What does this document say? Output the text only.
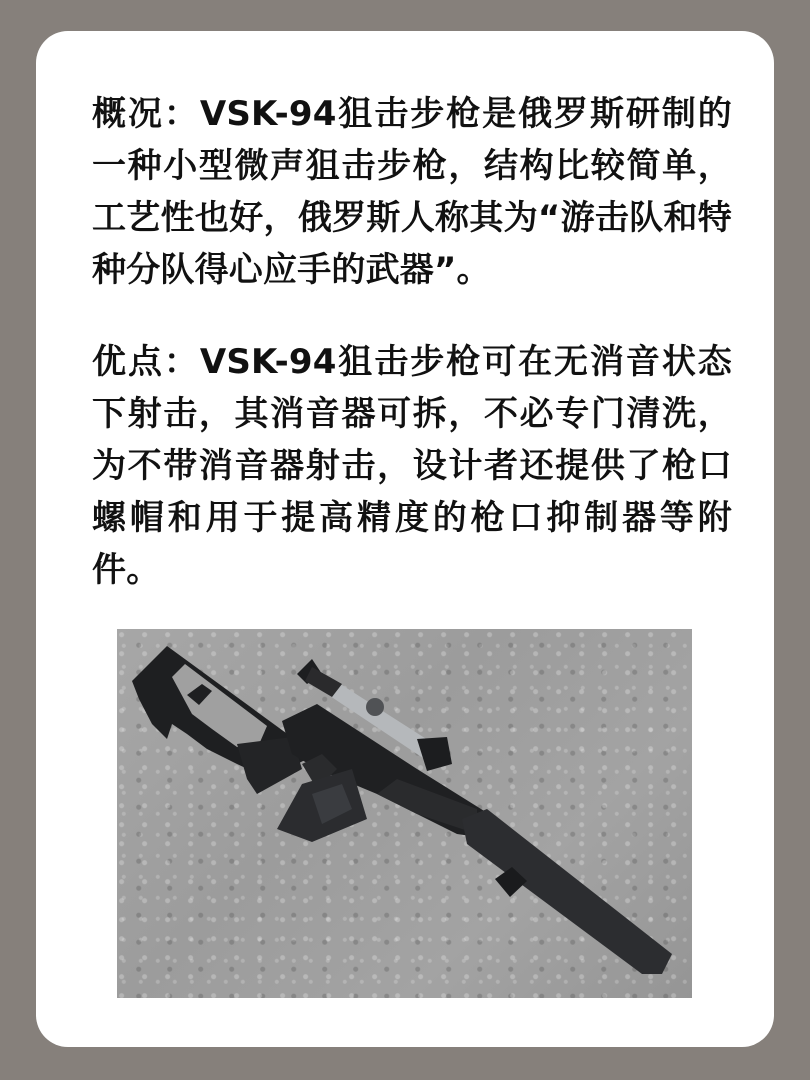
概况：VSK-94狙击步枪是俄罗斯研制的一种小型微声狙击步枪，结构比较简单，工艺性也好，俄罗斯人称其为“游击队和特种分队得心应手的武器”。
优点：VSK-94狙击步枪可在无消音状态下射击，其消音器可拆，不必专门清洗，为不带消音器射击，设计者还提供了枪口螺帽和用于提高精度的枪口抑制器等附件。
